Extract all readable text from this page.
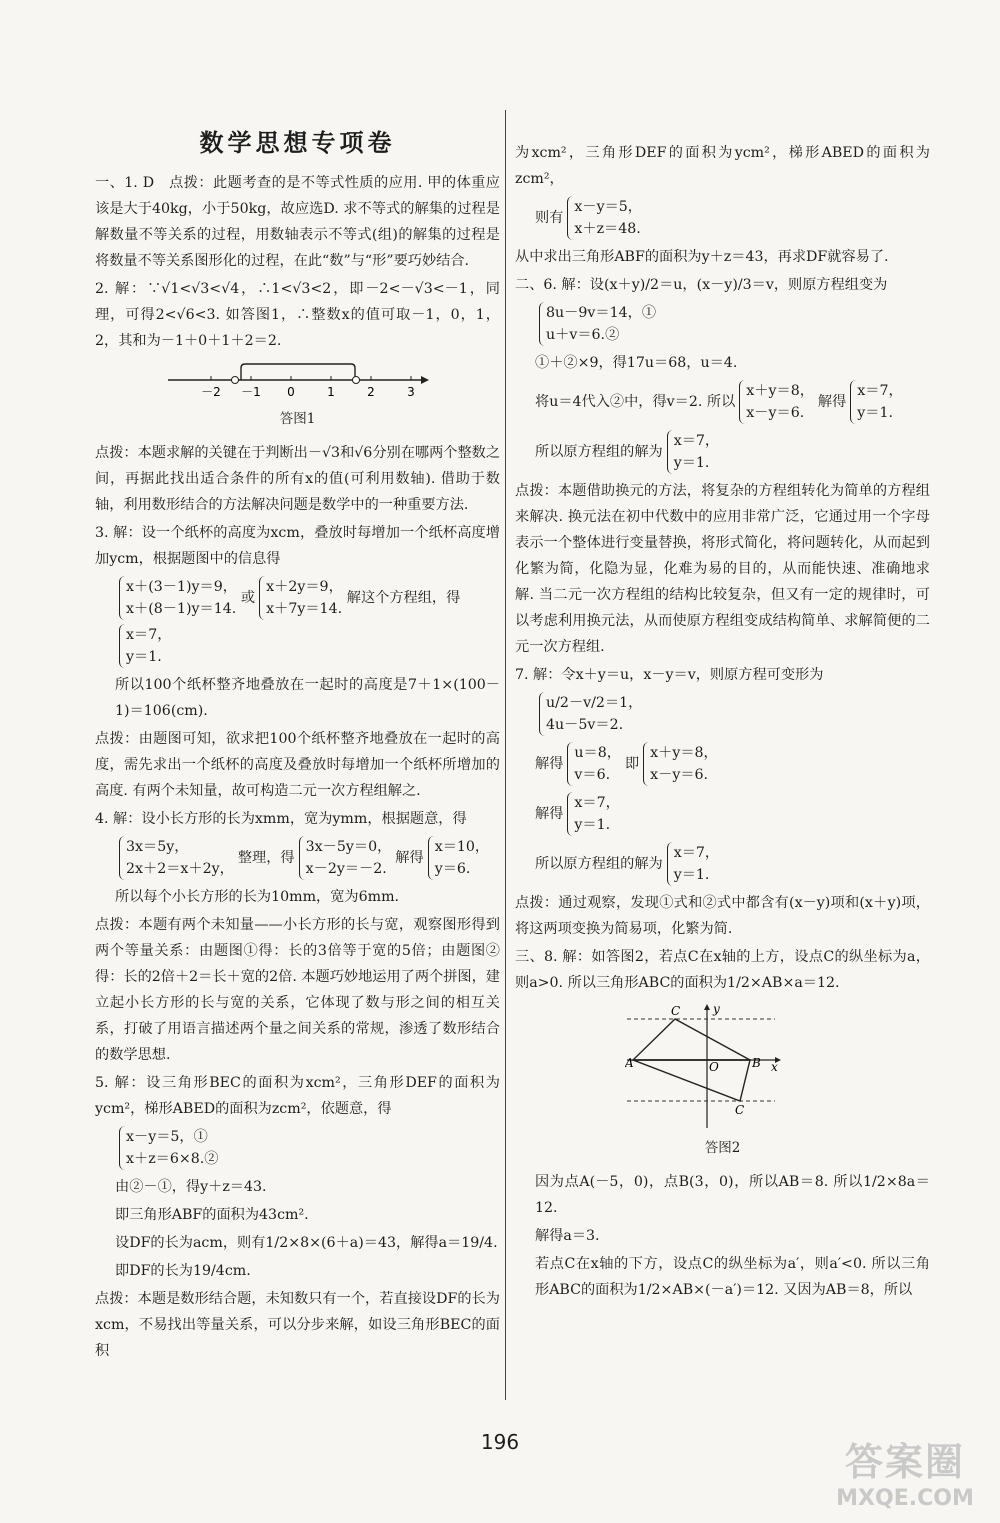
数学思想专项卷

一、1. D　点拨：此题考查的是不等式性质的应用. 甲的体重应该是大于40kg，小于50kg，故应选D. 求不等式的解集的过程是解数量不等关系的过程，用数轴表示不等式(组)的解集的过程是将数量不等关系图形化的过程，在此“数”与“形”要巧妙结合.

2. 解：∵√1<√3<√4，∴1<√3<2，即－2<－√3<－1，同理，可得2<√6<3. 如答图1，∴整数x的值可取－1，0，1，2，其和为－1＋0＋1＋2＝2.

－2 －1 0	1	2	3
答图1

点拨：本题求解的关键在于判断出－√3和√6分别在哪两个整数之间，再据此找出适合条件的所有x的值(可利用数轴). 借助于数轴，利用数形结合的方法解决问题是数学中的一种重要方法.

3. 解：设一个纸杯的高度为xcm，叠放时每增加一个纸杯高度增加ycm，根据题图中的信息得

x＋(3－1)y＝9，
x＋(8－1)y＝14.
或
x＋2y＝9，
x＋7y＝14.
解这个方程组，得
x＝7，
y＝1.

所以100个纸杯整齐地叠放在一起时的高度是7＋1×(100－1)＝106(cm).

点拨：由题图可知，欲求把100个纸杯整齐地叠放在一起时的高度，需先求出一个纸杯的高度及叠放时每增加一个纸杯所增加的高度. 有两个未知量，故可构造二元一次方程组解之.

4. 解：设小长方形的长为xmm，宽为ymm，根据题意，得

3x＝5y，
2x＋2＝x＋2y，
整理，得
3x－5y＝0，
x－2y＝－2.
解得
x＝10，
y＝6.

所以每个小长方形的长为10mm，宽为6mm.

点拨：本题有两个未知量——小长方形的长与宽，观察图形得到两个等量关系：由题图①得：长的3倍等于宽的5倍；由题图②得：长的2倍＋2＝长＋宽的2倍. 本题巧妙地运用了两个拼图，建立起小长方形的长与宽的关系，它体现了数与形之间的相互关系，打破了用语言描述两个量之间关系的常规，渗透了数形结合的数学思想.

5. 解：设三角形BEC的面积为xcm²，三角形DEF的面积为ycm²，梯形ABED的面积为zcm²，依题意，得

x－y＝5，①
x＋z＝6×8.②

由②－①，得y＋z＝43.

即三角形ABF的面积为43cm².

设DF的长为acm，则有1/2×8×(6＋a)＝43，解得a＝19/4.

即DF的长为19/4cm.

点拨：本题是数形结合题，未知数只有一个，若直接设DF的长为xcm，不易找出等量关系，可以分步来解，如设三角形BEC的面积

为xcm²，三角形DEF的面积为ycm²，梯形ABED的面积为zcm²，

则有
x－y＝5，
x＋z＝48.

从中求出三角形ABF的面积为y＋z＝43，再求DF就容易了.

二、6. 解：设(x＋y)/2＝u，(x－y)/3＝v，则原方程组变为

8u－9v＝14，①
u＋v＝6.②

①＋②×9，得17u＝68，u＝4.

将u＝4代入②中，得v＝2. 所以
x＋y＝8，
x－y＝6.
解得
x＝7，
y＝1.
所以原方程组的解为
x＝7，
y＝1.

点拨：本题借助换元的方法，将复杂的方程组转化为简单的方程组来解决. 换元法在初中代数中的应用非常广泛，它通过用一个字母表示一个整体进行变量替换，将形式简化，将问题转化，从而起到化繁为简，化隐为显，化难为易的目的，从而能快速、准确地求解. 当二元一次方程组的结构比较复杂，但又有一定的规律时，可以考虑利用换元法，从而使原方程组变成结构简单、求解简便的二元一次方程组.

7. 解：令x＋y＝u，x－y＝v，则原方程可变形为

u/2－v/2＝1，
4u－5v＝2.
解得
u＝8，
v＝6.
即
x＋y＝8，
x－y＝6.
解得
x＝7，
y＝1.
所以原方程组的解为
x＝7，
y＝1.

点拨：通过观察，发现①式和②式中都含有(x－y)项和(x＋y)项，将这两项变换为简易项，化繁为简.

三、8. 解：如答图2，若点C在x轴的上方，设点C的纵坐标为a，则a>0. 所以三角形ABC的面积为1/2×AB×a＝12.

A	B
C
C
O	x
y
答图2

因为点A(－5，0)，点B(3，0)，所以AB＝8. 所以1/2×8a＝12.

解得a＝3.

若点C在x轴的下方，设点C的纵坐标为a′，则a′<0. 所以三角形ABC的面积为1/2×AB×(－a′)＝12. 又因为AB＝8，所以

196	答案圈
MXQE.COM
